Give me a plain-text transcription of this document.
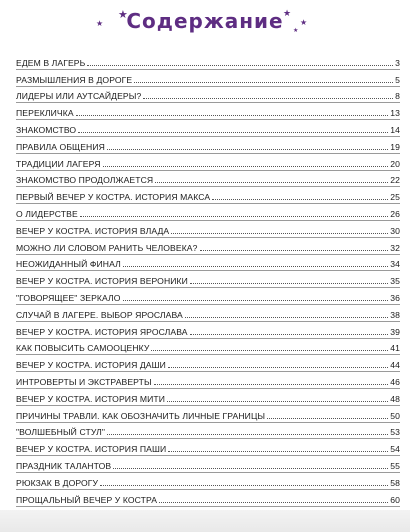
★
★
★
★
★
Содержание
ЕДЕМ В ЛАГЕРЬ	3
РАЗМЫШЛЕНИЯ В ДОРОГЕ	5
ЛИДЕРЫ ИЛИ АУТСАЙДЕРЫ?	8
ПЕРЕКЛИЧКА	13
ЗНАКОМСТВО	14
ПРАВИЛА ОБЩЕНИЯ	19
ТРАДИЦИИ ЛАГЕРЯ	20
ЗНАКОМСТВО ПРОДОЛЖАЕТСЯ	22
ПЕРВЫЙ ВЕЧЕР У КОСТРА. ИСТОРИЯ МАКСА	25
О ЛИДЕРСТВЕ	26
ВЕЧЕР У КОСТРА. ИСТОРИЯ ВЛАДА	30
МОЖНО ЛИ СЛОВОМ РАНИТЬ ЧЕЛОВЕКА?	32
НЕОЖИДАННЫЙ ФИНАЛ	34
ВЕЧЕР У КОСТРА. ИСТОРИЯ ВЕРОНИКИ	35
"ГОВОРЯЩЕЕ" ЗЕРКАЛО	36
СЛУЧАЙ В ЛАГЕРЕ. ВЫБОР ЯРОСЛАВА	38
ВЕЧЕР У КОСТРА. ИСТОРИЯ ЯРОСЛАВА	39
КАК ПОВЫСИТЬ САМООЦЕНКУ	41
ВЕЧЕР У КОСТРА. ИСТОРИЯ ДАШИ	44
ИНТРОВЕРТЫ И ЭКСТРАВЕРТЫ	46
ВЕЧЕР У КОСТРА. ИСТОРИЯ МИТИ	48
ПРИЧИНЫ ТРАВЛИ. КАК ОБОЗНАЧИТЬ ЛИЧНЫЕ ГРАНИЦЫ	50
"ВОЛШЕБНЫЙ СТУЛ"	53
ВЕЧЕР У КОСТРА. ИСТОРИЯ ПАШИ	54
ПРАЗДНИК ТАЛАНТОВ	55
РЮКЗАК В ДОРОГУ	58
ПРОЩАЛЬНЫЙ ВЕЧЕР У КОСТРА	60
